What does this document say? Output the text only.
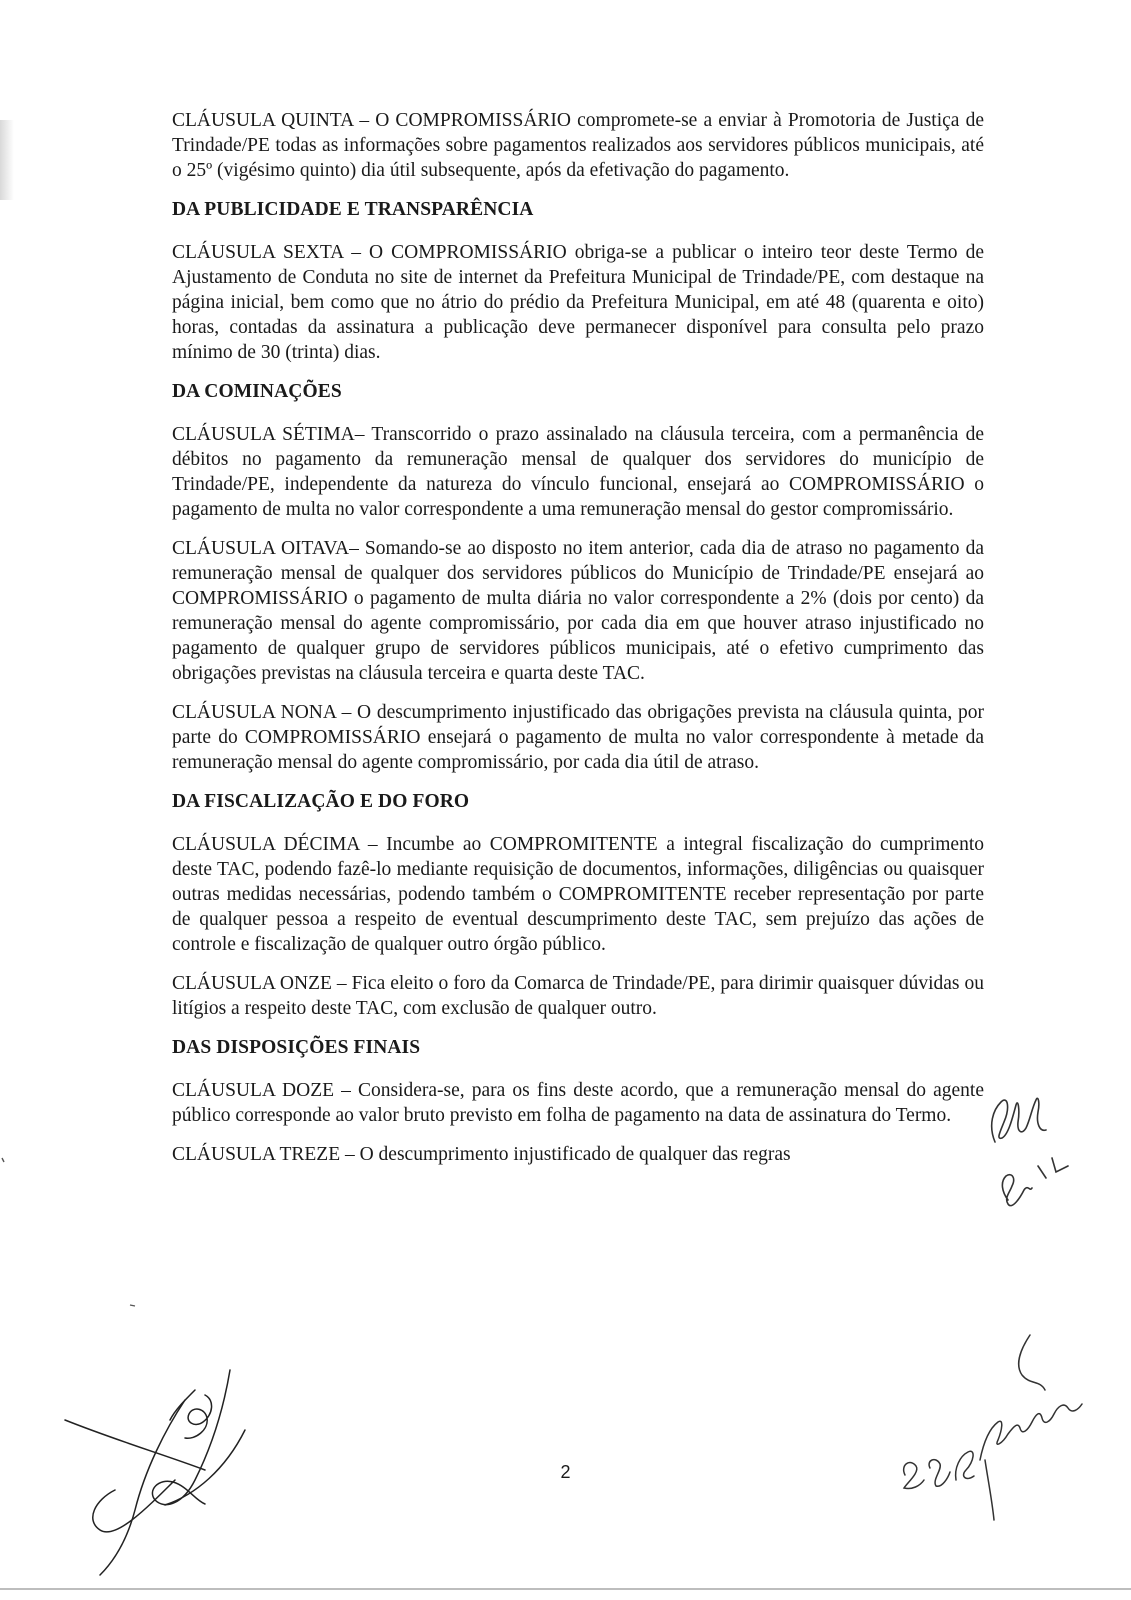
CLÁUSULA QUINTA – O COMPROMISSÁRIO compromete-se a enviar à Promotoria de Justiça de Trindade/PE todas as informações sobre pagamentos realizados aos servidores públicos municipais, até o 25º (vigésimo quinto) dia útil subsequente, após da efetivação do pagamento.
DA PUBLICIDADE E TRANSPARÊNCIA
CLÁUSULA SEXTA – O COMPROMISSÁRIO obriga-se a publicar o inteiro teor deste Termo de Ajustamento de Conduta no site de internet da Prefeitura Municipal de Trindade/PE, com destaque na página inicial, bem como que no átrio do prédio da Prefeitura Municipal, em até 48 (quarenta e oito) horas, contadas da assinatura a publicação deve permanecer disponível para consulta pelo prazo mínimo de 30 (trinta) dias.
DA COMINAÇÕES
CLÁUSULA SÉTIMA– Transcorrido o prazo assinalado na cláusula terceira, com a permanência de débitos no pagamento da remuneração mensal de qualquer dos servidores do município de Trindade/PE, independente da natureza do vínculo funcional, ensejará ao COMPROMISSÁRIO o pagamento de multa no valor correspondente a uma remuneração mensal do gestor compromissário.
CLÁUSULA OITAVA– Somando-se ao disposto no item anterior, cada dia de atraso no pagamento da remuneração mensal de qualquer dos servidores públicos do Município de Trindade/PE ensejará ao COMPROMISSÁRIO o pagamento de multa diária no valor correspondente a 2% (dois por cento) da remuneração mensal do agente compromissário, por cada dia em que houver atraso injustificado no pagamento de qualquer grupo de servidores públicos municipais, até o efetivo cumprimento das obrigações previstas na cláusula terceira e quarta deste TAC.
CLÁUSULA NONA – O descumprimento injustificado das obrigações prevista na cláusula quinta, por parte do COMPROMISSÁRIO ensejará o pagamento de multa no valor correspondente à metade da remuneração mensal do agente compromissário, por cada dia útil de atraso.
DA FISCALIZAÇÃO E DO FORO
CLÁUSULA DÉCIMA – Incumbe ao COMPROMITENTE a integral fiscalização do cumprimento deste TAC, podendo fazê-lo mediante requisição de documentos, informações, diligências ou quaisquer outras medidas necessárias, podendo também o COMPROMITENTE receber representação por parte de qualquer pessoa a respeito de eventual descumprimento deste TAC, sem prejuízo das ações de controle e fiscalização de qualquer outro órgão público.
CLÁUSULA ONZE – Fica eleito o foro da Comarca de Trindade/PE, para dirimir quaisquer dúvidas ou litígios a respeito deste TAC, com exclusão de qualquer outro.
DAS DISPOSIÇÕES FINAIS
CLÁUSULA DOZE – Considera-se, para os fins deste acordo, que a remuneração mensal do agente público corresponde ao valor bruto previsto em folha de pagamento na data de assinatura do Termo.
CLÁUSULA TREZE – O descumprimento injustificado de qualquer das regras
2
